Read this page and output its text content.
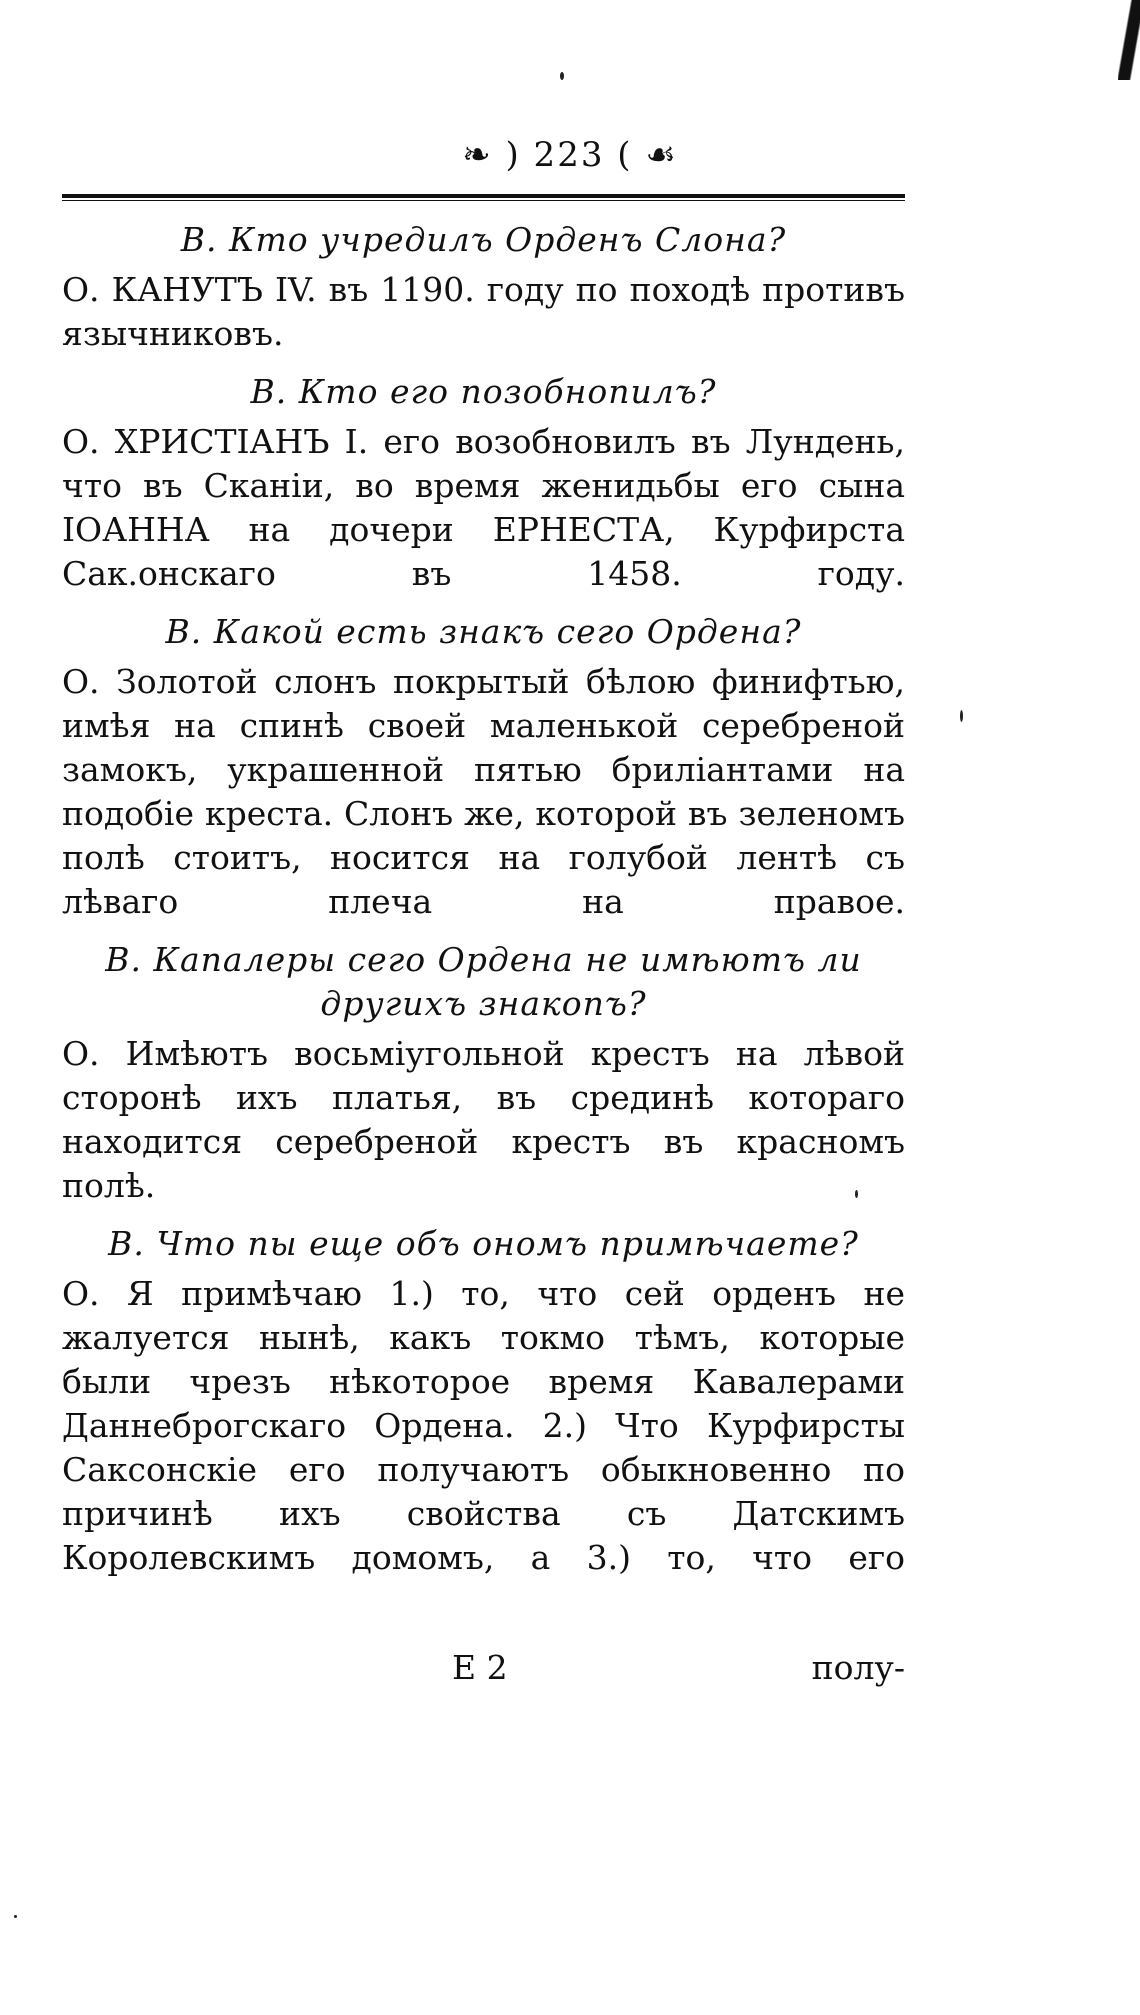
❧ ) 223 ( ☙

В. Кто учредилъ Орденъ Слона?

О. КАНУТЪ IV. въ 1190. году по походѣ противъ язычниковъ.

В. Кто его позобнопилъ?

О. ХРИСТІАНЪ I. его возобновилъ въ Лундень, что въ Сканіи, во время женидьбы его сына ІОАННА на дочери ЕРНЕСТА, Курфирста Сак.онскаго въ 1458. году.

В. Какой есть знакъ сего Ордена?

О. Золотой слонъ покрытый бѣлою финифтью, имѣя на спинѣ своей маленькой серебреной замокъ, украшенной пятью бриліантами на подобіе креста. Слонъ же, которой въ зеленомъ полѣ стоитъ, носится на голубой лентѣ съ лѣваго плеча на правое.

В. Капалеры сего Ордена не имѣютъ ли другихъ знакопъ?

О. Имѣютъ восьміугольной крестъ на лѣвой сторонѣ ихъ платья, въ срединѣ котораго находится серебреной крестъ въ красномъ полѣ.

В. Что пы еще объ ономъ примѣчаете?

О. Я примѣчаю 1.) то, что сей орденъ не жалуется нынѣ, какъ токмо тѣмъ, которые были чрезъ нѣкоторое время Кавалерами Даннеброгскаго Ордена. 2.) Что Курфирсты Саксонскіе его получаютъ обыкновенно по причинѣ ихъ свойства съ Датскимъ Королевскимъ домомъ, а 3.) то, что его

Е 2	полу-
